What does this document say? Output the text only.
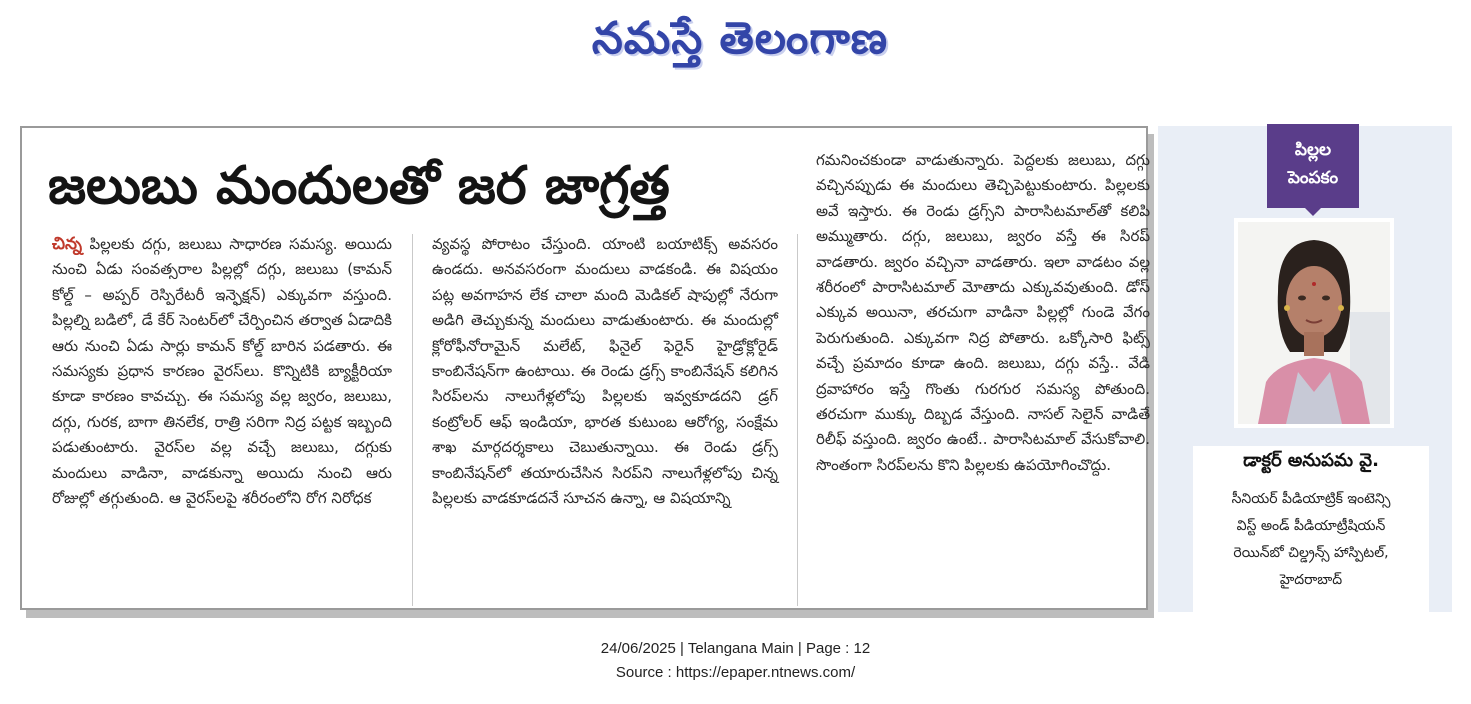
నమస్తే తెలంగాణ
జలుబు మందులతో జర జాగ్రత్త

చిన్న పిల్లలకు దగ్గు, జలుబు సాధారణ సమస్య. అయిదు నుంచి ఏడు సంవత్సరాల పిల్లల్లో దగ్గు, జలుబు (కామన్ కోల్డ్ – అప్పర్ రెస్పిరేటరీ ఇన్ఫెక్షన్) ఎక్కువగా వస్తుంది. పిల్లల్ని బడిలో, డే కేర్ సెంటర్‌లో చేర్పించిన తర్వాత ఏడాదికి ఆరు నుంచి ఏడు సార్లు కామన్ కోల్డ్ బారిన పడతారు. ఈ సమస్యకు ప్రధాన కారణం వైరస్‌లు. కొన్నిటికి బ్యాక్టీరియా కూడా కారణం కావచ్చు. ఈ సమస్య వల్ల జ్వరం, జలుబు, దగ్గు, గురక, బాగా తినలేక, రాత్రి సరిగా నిద్ర పట్టక ఇబ్బంది పడుతుంటారు. వైరస్‌ల వల్ల వచ్చే జలుబు, దగ్గుకు మందులు వాడినా, వాడకున్నా అయిదు నుంచి ఆరు రోజుల్లో తగ్గుతుంది. ఆ వైరస్‌లపై శరీరంలోని రోగ నిరోధక

వ్యవస్థ పోరాటం చేస్తుంది. యాంటి బయాటిక్స్ అవసరం ఉండదు. అనవసరంగా మందులు వాడకండి. ఈ విషయం పట్ల అవగాహన లేక చాలా మంది మెడికల్ షాపుల్లో నేరుగా అడిగి తెచ్చుకున్న మందులు వాడుతుంటారు. ఈ మందుల్లో క్లోరోఫీనోరామైన్ మలేట్, ఫినైల్ ఫెరైన్ హైడ్రోక్లోరైడ్ కాంబినేషన్‌గా ఉంటాయి. ఈ రెండు డ్రగ్స్ కాంబినేషన్ కలిగిన సిరప్‌లను నాలుగేళ్లలోపు పిల్లలకు ఇవ్వకూడదని డ్రగ్ కంట్రోలర్ ఆఫ్ ఇండియా, భారత కుటుంబ ఆరోగ్య, సంక్షేమ శాఖ మార్గదర్శకాలు చెబుతున్నాయి. ఈ రెండు డ్రగ్స్ కాంబినేషన్‌లో తయారుచేసిన సిరప్‌ని నాలుగేళ్లలోపు చిన్న పిల్లలకు వాడకూడదనే సూచన ఉన్నా, ఆ విషయాన్ని

గమనించకుండా వాడుతున్నారు. పెద్దలకు జలుబు, దగ్గు వచ్చినప్పుడు ఈ మందులు తెచ్చిపెట్టుకుంటారు. పిల్లలకు అవే ఇస్తారు. ఈ రెండు డ్రగ్స్‌ని పారాసిటమాల్‌తో కలిపి అమ్ముతారు. దగ్గు, జలుబు, జ్వరం వస్తే ఈ సిరప్ వాడతారు. జ్వరం వచ్చినా వాడతారు. ఇలా వాడటం వల్ల శరీరంలో పారాసిటమాల్ మోతాదు ఎక్కువవుతుంది. డోస్ ఎక్కువ అయినా, తరచుగా వాడినా పిల్లల్లో గుండె వేగం పెరుగుతుంది. ఎక్కువగా నిద్ర పోతారు. ఒక్కోసారి ఫిట్స్ వచ్చే ప్రమాదం కూడా ఉంది. జలుబు, దగ్గు వస్తే.. వేడి ద్రవాహారం ఇస్తే గొంతు గురగుర సమస్య పోతుంది. తరచుగా ముక్కు దిబ్బడ వేస్తుంది. నాసల్ సెలైన్ వాడితే రిలీఫ్ వస్తుంది. జ్వరం ఉంటే.. పారాసిటమాల్ వేసుకోవాలి. సొంతంగా సిరప్‌లను కొని పిల్లలకు ఉపయోగించొద్దు.

పిల్లల
పెంపకం
డాక్టర్ అనుపమ వై.
సీనియర్ పీడియాట్రిక్ ఇంటెన్సి
విస్ట్ అండ్ పీడియాట్రీషియన్
రెయిన్‌బో చిల్డ్రన్స్ హాస్పిటల్,
హైదరాబాద్
24/06/2025 | Telangana Main | Page : 12
Source : https://epaper.ntnews.com/
